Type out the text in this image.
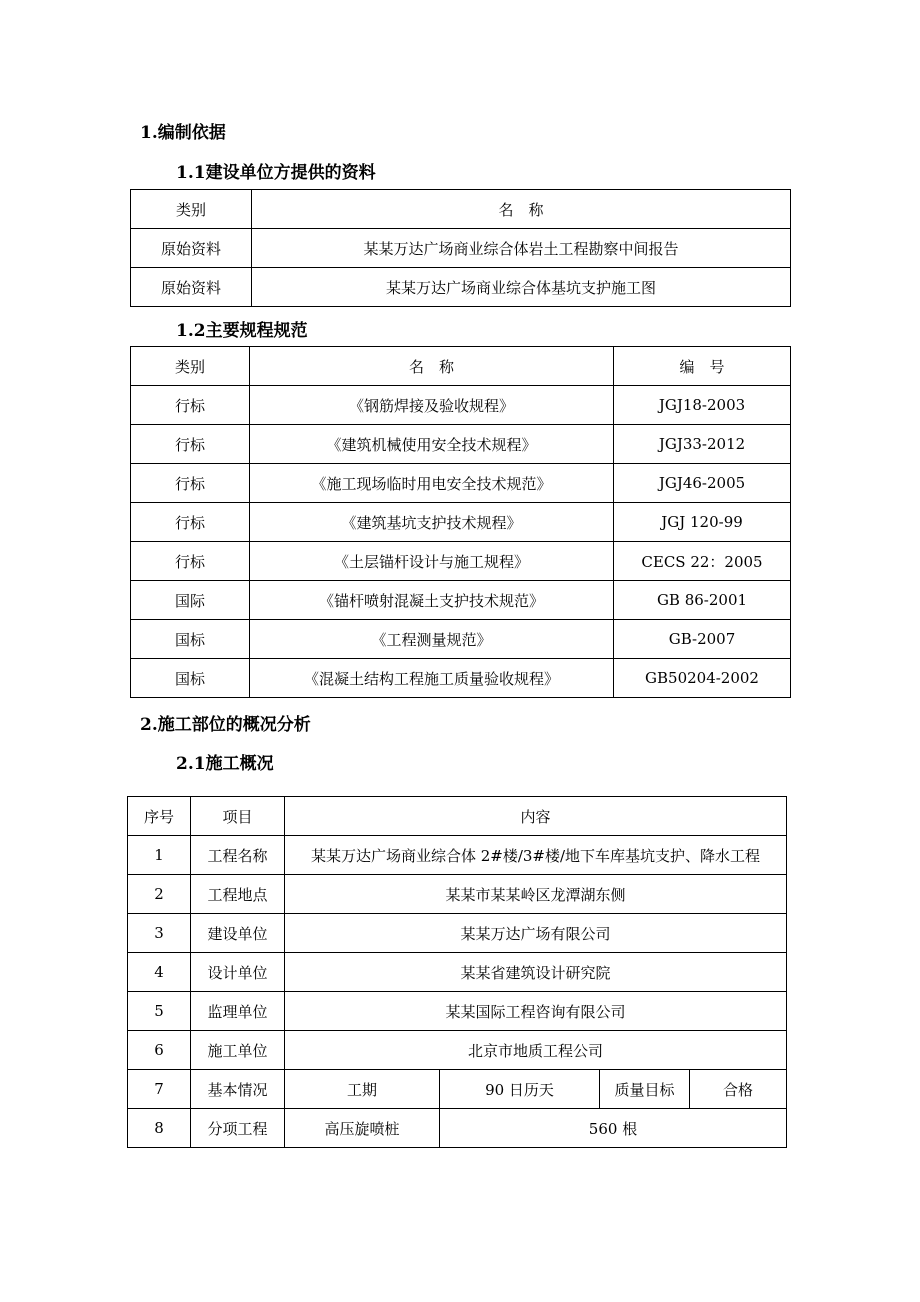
1.编制依据
1.1建设单位方提供的资料
类别	名　称
原始资料	某某万达广场商业综合体岩土工程勘察中间报告
原始资料	某某万达广场商业综合体基坑支护施工图
1.2主要规程规范
类别	名　称	编　号
行标	《钢筋焊接及验收规程》	JGJ18-2003
行标	《建筑机械使用安全技术规程》	JGJ33-2012
行标	《施工现场临时用电安全技术规范》	JGJ46-2005
行标	《建筑基坑支护技术规程》	JGJ 120-99
行标	《土层锚杆设计与施工规程》	CECS 22：2005
国际	《锚杆喷射混凝土支护技术规范》	GB 86-2001
国标	《工程测量规范》	GB-2007
国标	《混凝土结构工程施工质量验收规程》	GB50204-2002
2.施工部位的概况分析
2.1施工概况
序号	项目	内容			
1	工程名称	某某万达广场商业综合体 2#楼/3#楼/地下车库基坑支护、降水工程			
2	工程地点	某某市某某岭区龙潭湖东侧			
3	建设单位	某某万达广场有限公司			
4	设计单位	某某省建筑设计研究院			
5	监理单位	某某国际工程咨询有限公司			
6	施工单位	北京市地质工程公司			
7	基本情况	工期	90 日历天	质量目标	合格
8	分项工程	高压旋喷桩	560 根		
